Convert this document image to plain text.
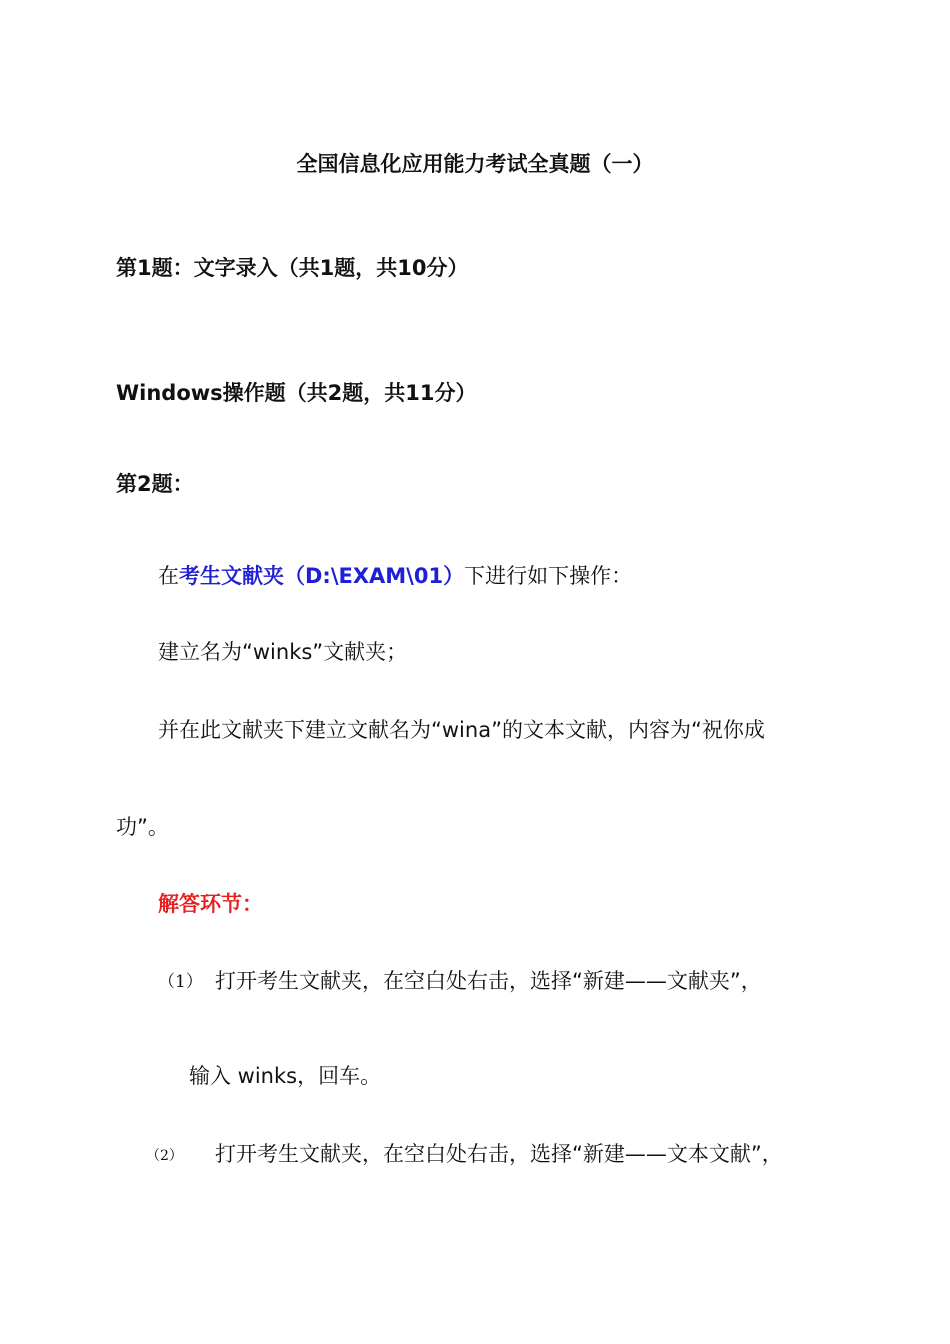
全国信息化应用能力考试全真题（一）
第1题：文字录入（共1题，共10分）
Windows操作题（共2题，共11分）
第2题：
在考生文献夹（D:\EXAM\01）下进行如下操作：
建立名为“winks”文献夹；
并在此文献夹下建立文献名为“wina”的文本文献，内容为“祝你成
功”。
解答环节：
（1） 打开考生文献夹，在空白处右击，选择“新建——文献夹”，
输入 winks，回车。
（2） 打开考生文献夹，在空白处右击，选择“新建——文本文献”，
